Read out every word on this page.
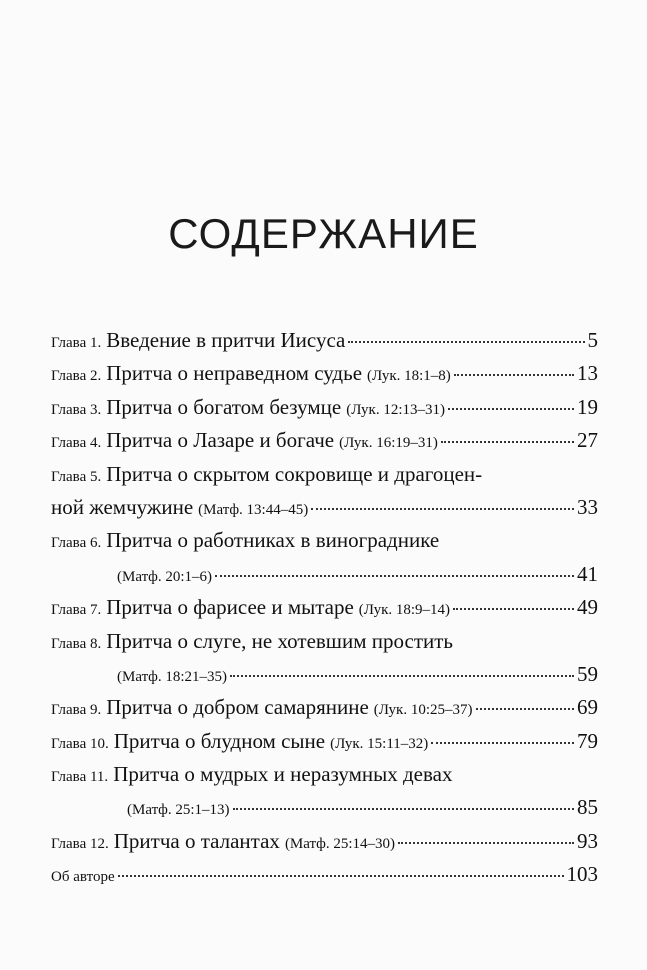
СОДЕРЖАНИЕ
Глава 1. Введение в притчи Иисуса	5
Глава 2. Притча о неправедном судье (Лук. 18:1–8)	13
Глава 3. Притча о богатом безумце (Лук. 12:13–31)	19
Глава 4. Притча о Лазаре и богаче (Лук. 16:19–31)	27
Глава 5. Притча о скрытом сокровище и драгоцен-
ной жемчужине (Матф. 13:44–45)	33
Глава 6. Притча о работниках в винограднике
(Матф. 20:1–6)	41
Глава 7. Притча о фарисее и мытаре (Лук. 18:9–14)	49
Глава 8. Притча о слуге, не хотевшим простить
(Матф. 18:21–35)	59
Глава 9. Притча о добром самарянине (Лук. 10:25–37)	69
Глава 10. Притча о блудном сыне (Лук. 15:11–32)	79
Глава 11. Притча о мудрых и неразумных девах
(Матф. 25:1–13)	85
Глава 12. Притча о талантах (Матф. 25:14–30)	93
Об авторе	103
